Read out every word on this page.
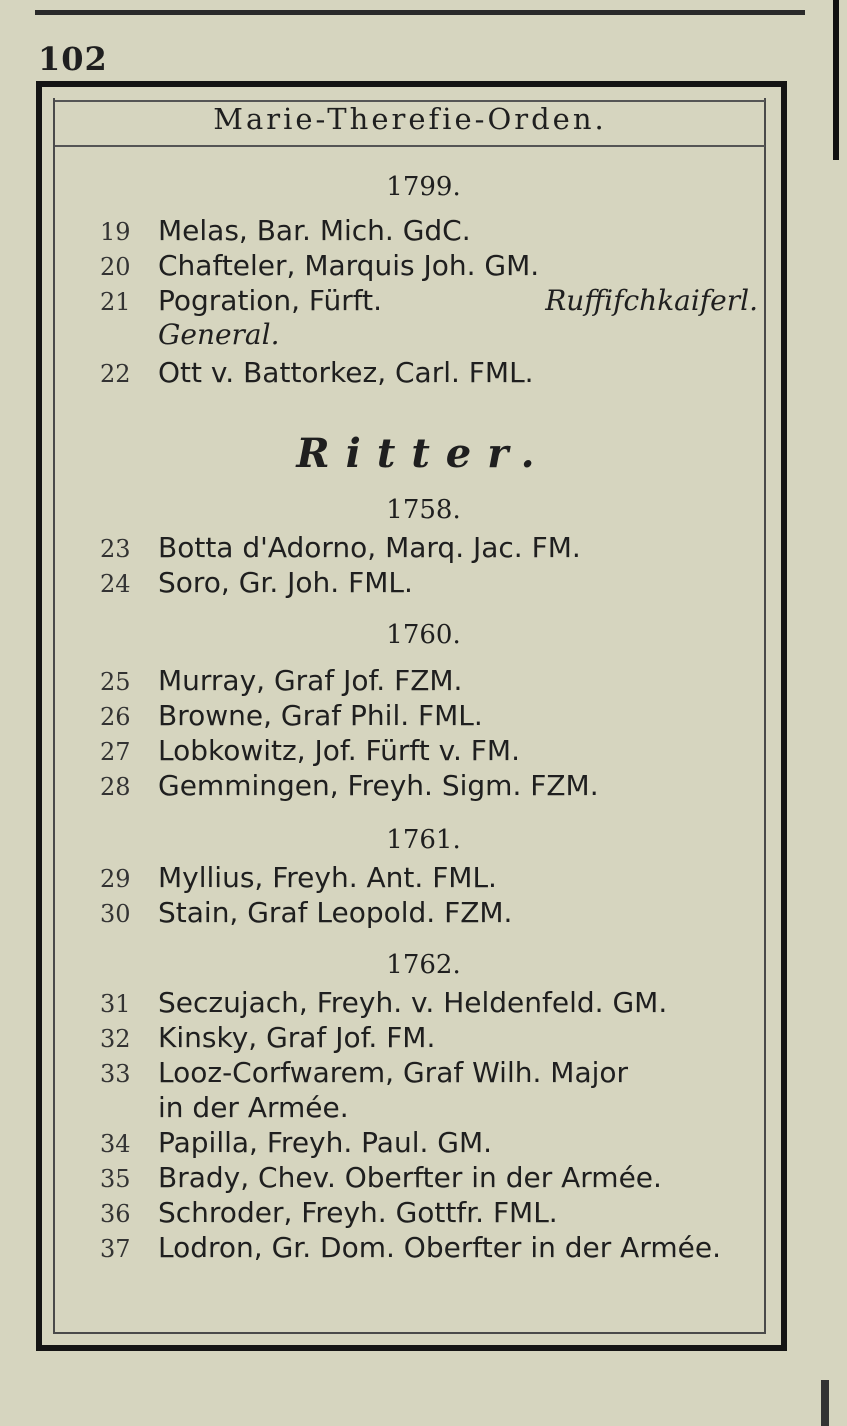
102
Marie-Therefie-Orden.
1799.
19 Melas, Bar. Mich. GdC.
20 Chafteler, Marquis Joh. GM.
21 Pogration, Fürft.	Ruffifchkaiferl.
General.
22 Ott v. Battorkez, Carl. FML.
Ritter.
1758.
23 Botta d'Adorno, Marq. Jac. FM.
24 Soro, Gr. Joh. FML.
1760.
25 Murray, Graf Jof. FZM.
26 Browne, Graf Phil. FML.
27 Lobkowitz, Jof. Fürft v. FM.
28 Gemmingen, Freyh. Sigm. FZM.
1761.
29 Myllius, Freyh. Ant. FML.
30 Stain, Graf Leopold. FZM.
1762.
31 Seczujach, Freyh. v. Heldenfeld. GM.
32 Kinsky, Graf Jof. FM.
33 Looz-Corfwarem, Graf Wilh. Major
in der Armée.
34 Papilla, Freyh. Paul. GM.
35 Brady, Chev. Oberfter in der Armée.
36 Schroder, Freyh. Gottfr. FML.
37 Lodron, Gr. Dom. Oberfter in der Armée.
